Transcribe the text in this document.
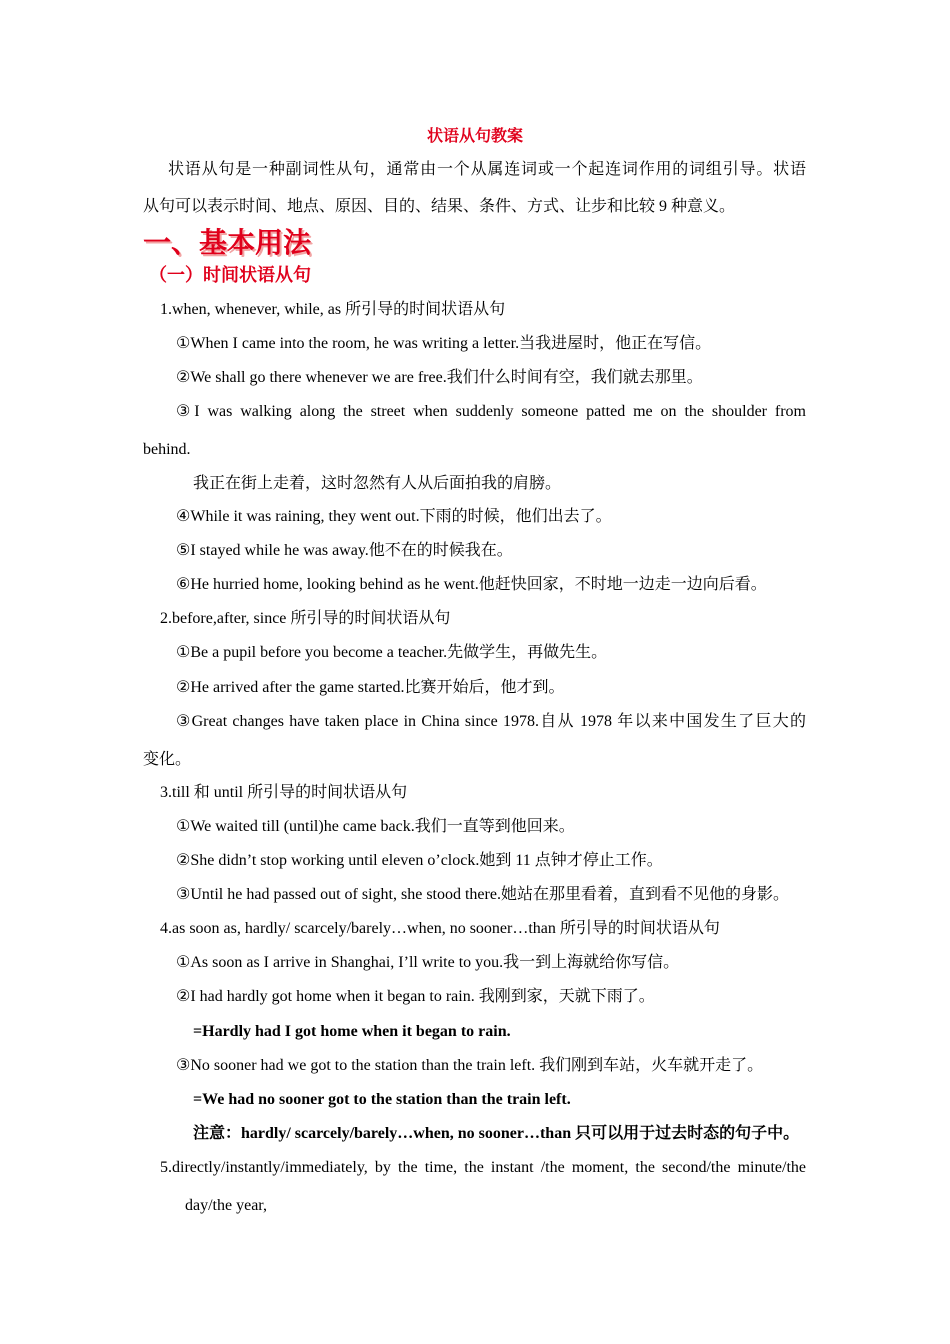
状语从句教案
状语从句是一种副词性从句，通常由一个从属连词或一个起连词作用的词组引导。状语
从句可以表示时间、地点、原因、目的、结果、条件、方式、让步和比较 9 种意义。
一、基本用法
（一）时间状语从句
1.when, whenever, while, as 所引导的时间状语从句
①When I came into the room, he was writing a letter.当我进屋时，他正在写信。
②We shall go there whenever we are free.我们什么时间有空，我们就去那里。
③I was walking along the street when suddenly someone patted me on the shoulder from
behind.
我正在街上走着，这时忽然有人从后面拍我的肩膀。
④While it was raining, they went out.下雨的时候，他们出去了。
⑤I stayed while he was away.他不在的时候我在。
⑥He hurried home, looking behind as he went.他赶快回家，不时地一边走一边向后看。
2.before,after, since 所引导的时间状语从句
①Be a pupil before you become a teacher.先做学生，再做先生。
②He arrived after the game started.比赛开始后，他才到。
③Great changes have taken place in China since 1978.自从 1978 年以来中国发生了巨大的
变化。
3.till 和 until 所引导的时间状语从句
①We waited till (until)he came back.我们一直等到他回来。
②She didn’t stop working until eleven o’clock.她到 11 点钟才停止工作。
③Until he had passed out of sight, she stood there.她站在那里看着，直到看不见他的身影。
4.as soon as, hardly/ scarcely/barely…when, no sooner…than 所引导的时间状语从句
①As soon as I arrive in Shanghai, I’ll write to you.我一到上海就给你写信。
②I had hardly got home when it began to rain. 我刚到家，天就下雨了。
=Hardly had I got home when it began to rain.
③No sooner had we got to the station than the train left. 我们刚到车站，火车就开走了。
=We had no sooner got to the station than the train left.
注意：hardly/ scarcely/barely…when, no sooner…than 只可以用于过去时态的句子中。
5.directly/instantly/immediately, by the time, the instant /the moment, the second/the minute/the
day/the year,
